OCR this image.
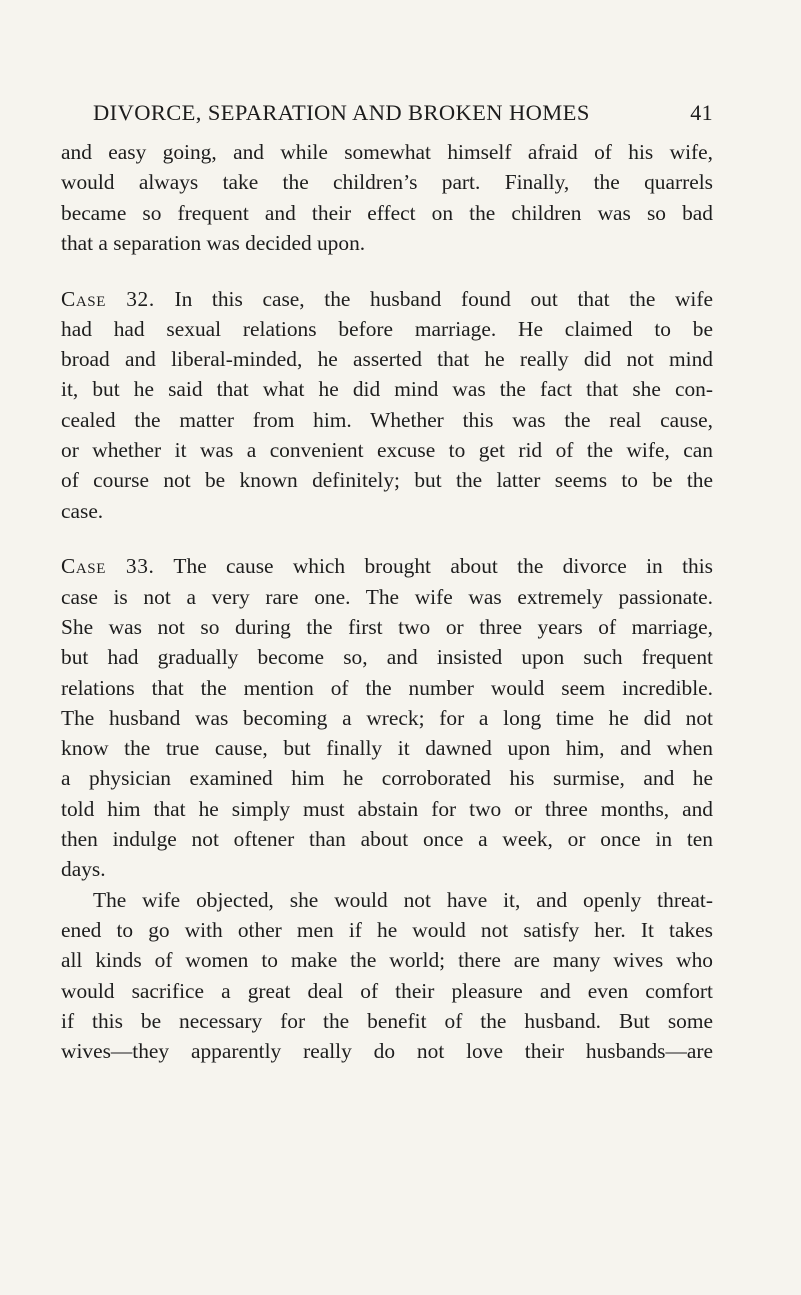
DIVORCE, SEPARATION AND BROKEN HOMES	41
and easy going, and while somewhat himself afraid of his wife,
would always take the children’s part. Finally, the quarrels
became so frequent and their effect on the children was so bad
that a separation was decided upon.
Case 32. In this case, the husband found out that the wife
had had sexual relations before marriage. He claimed to be
broad and liberal-minded, he asserted that he really did not mind
it, but he said that what he did mind was the fact that she con-
cealed the matter from him. Whether this was the real cause,
or whether it was a convenient excuse to get rid of the wife, can
of course not be known definitely; but the latter seems to be the
case.
Case 33. The cause which brought about the divorce in this
case is not a very rare one. The wife was extremely passionate.
She was not so during the first two or three years of marriage,
but had gradually become so, and insisted upon such frequent
relations that the mention of the number would seem incredible.
The husband was becoming a wreck; for a long time he did not
know the true cause, but finally it dawned upon him, and when
a physician examined him he corroborated his surmise, and he
told him that he simply must abstain for two or three months, and
then indulge not oftener than about once a week, or once in ten
days.
The wife objected, she would not have it, and openly threat-
ened to go with other men if he would not satisfy her. It takes
all kinds of women to make the world; there are many wives who
would sacrifice a great deal of their pleasure and even comfort
if this be necessary for the benefit of the husband. But some
wives—they apparently really do not love their husbands—are
